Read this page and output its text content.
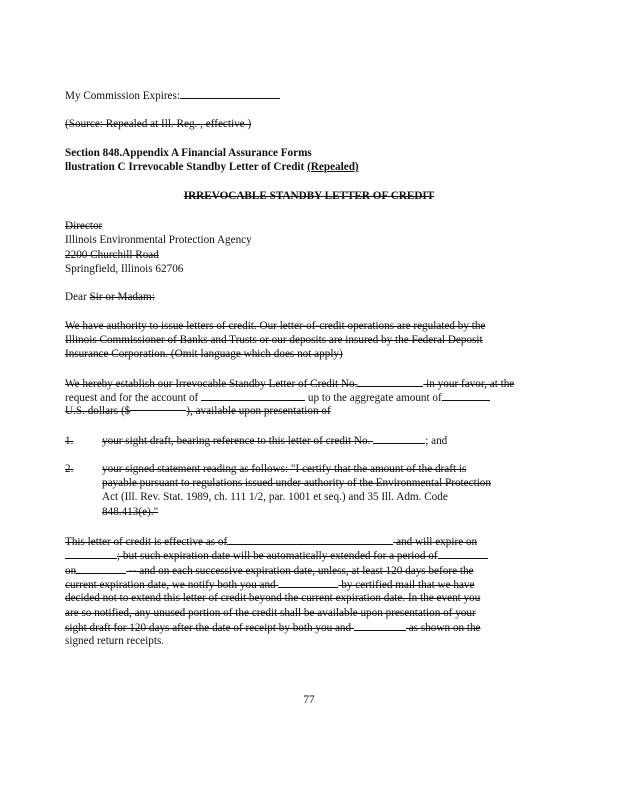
My Commission Expires:
(Source: Repealed at Ill. Reg. , effective )
Section 848.Appendix A Financial Assurance Forms
llustration C Irrevocable Standby Letter of Credit (Repealed)
IRREVOCABLE STANDBY LETTER OF CREDIT
Director
Illinois Environmental Protection Agency
2200 Churchill Road
Springfield, Illinois 62706
Dear Sir or Madam:
We have authority to issue letters of credit. Our letter-of-credit operations are regulated by the
Illinois Commissioner of Banks and Trusts or our deposits are insured by the Federal Deposit
Insurance Corporation. (Omit language which does not apply)
We hereby establish our Irrevocable Standby Letter of Credit No.	in your favor, at the
request and for the account of	up to the aggregate amount of
U.S. dollars ($	), available upon presentation of
1.	your sight draft, bearing reference to this letter of credit No.	; and
2.	your signed statement reading as follows: "I certify that the amount of the draft is
payable pursuant to regulations issued under authority of the Environmental Protection
Act (Ill. Rev. Stat. 1989, ch. 111 1/2, par. 1001 et seq.) and 35 Ill. Adm. Code
848.413(e)."
This letter of credit is effective as of	and will expire on
; but such expiration date will be automatically extended for a period of
on	-- and on each successive expiration date, unless, at least 120 days before the
current expiration date, we notify both you and	by certified mail that we have
decided not to extend this letter of credit beyond the current expiration date. In the event you
are so notified, any unused portion of the credit shall be available upon presentation of your
sight draft for 120 days after the date of receipt by both you and	as shown on the
signed return receipts.
77
